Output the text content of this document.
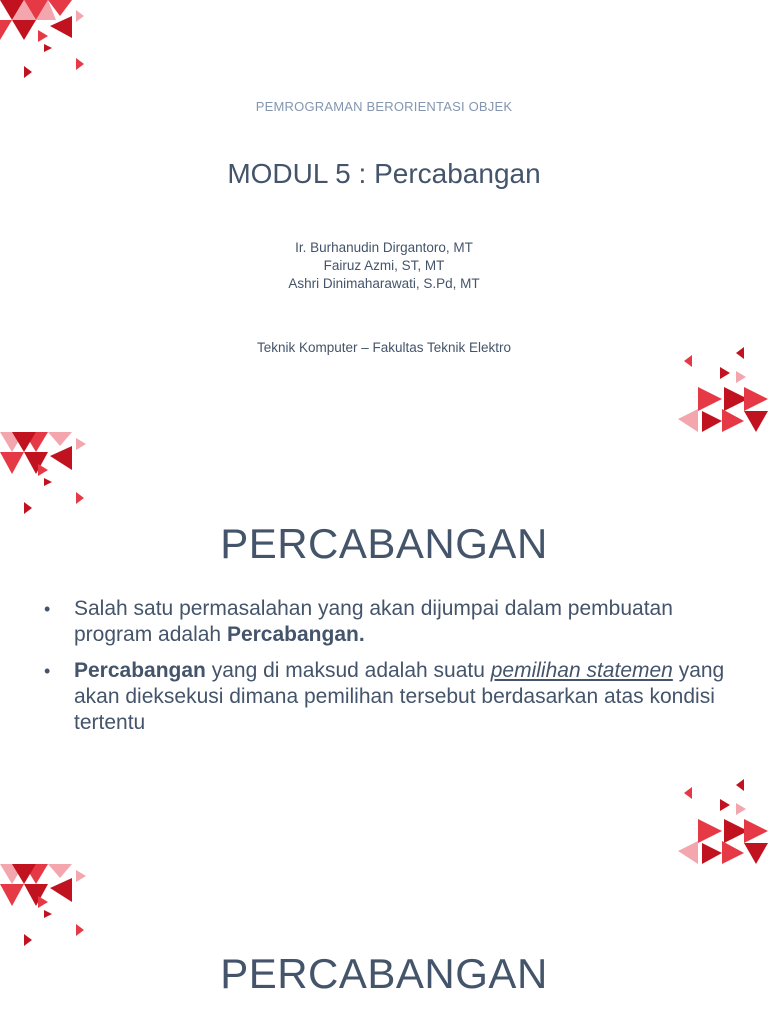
PEMROGRAMAN BERORIENTASI OBJEK
MODUL 5 : Percabangan
Ir. Burhanudin Dirgantoro, MT
Fairuz Azmi, ST, MT
Ashri Dinimaharawati, S.Pd, MT
Teknik Komputer – Fakultas Teknik Elektro
PERCABANGAN
• Salah satu permasalahan yang akan dijumpai dalam pembuatan program adalah Percabangan.
• Percabangan yang di maksud adalah suatu pemilihan statemen yang akan dieksekusi dimana pemilihan tersebut berdasarkan atas kondisi tertentu
PERCABANGAN
